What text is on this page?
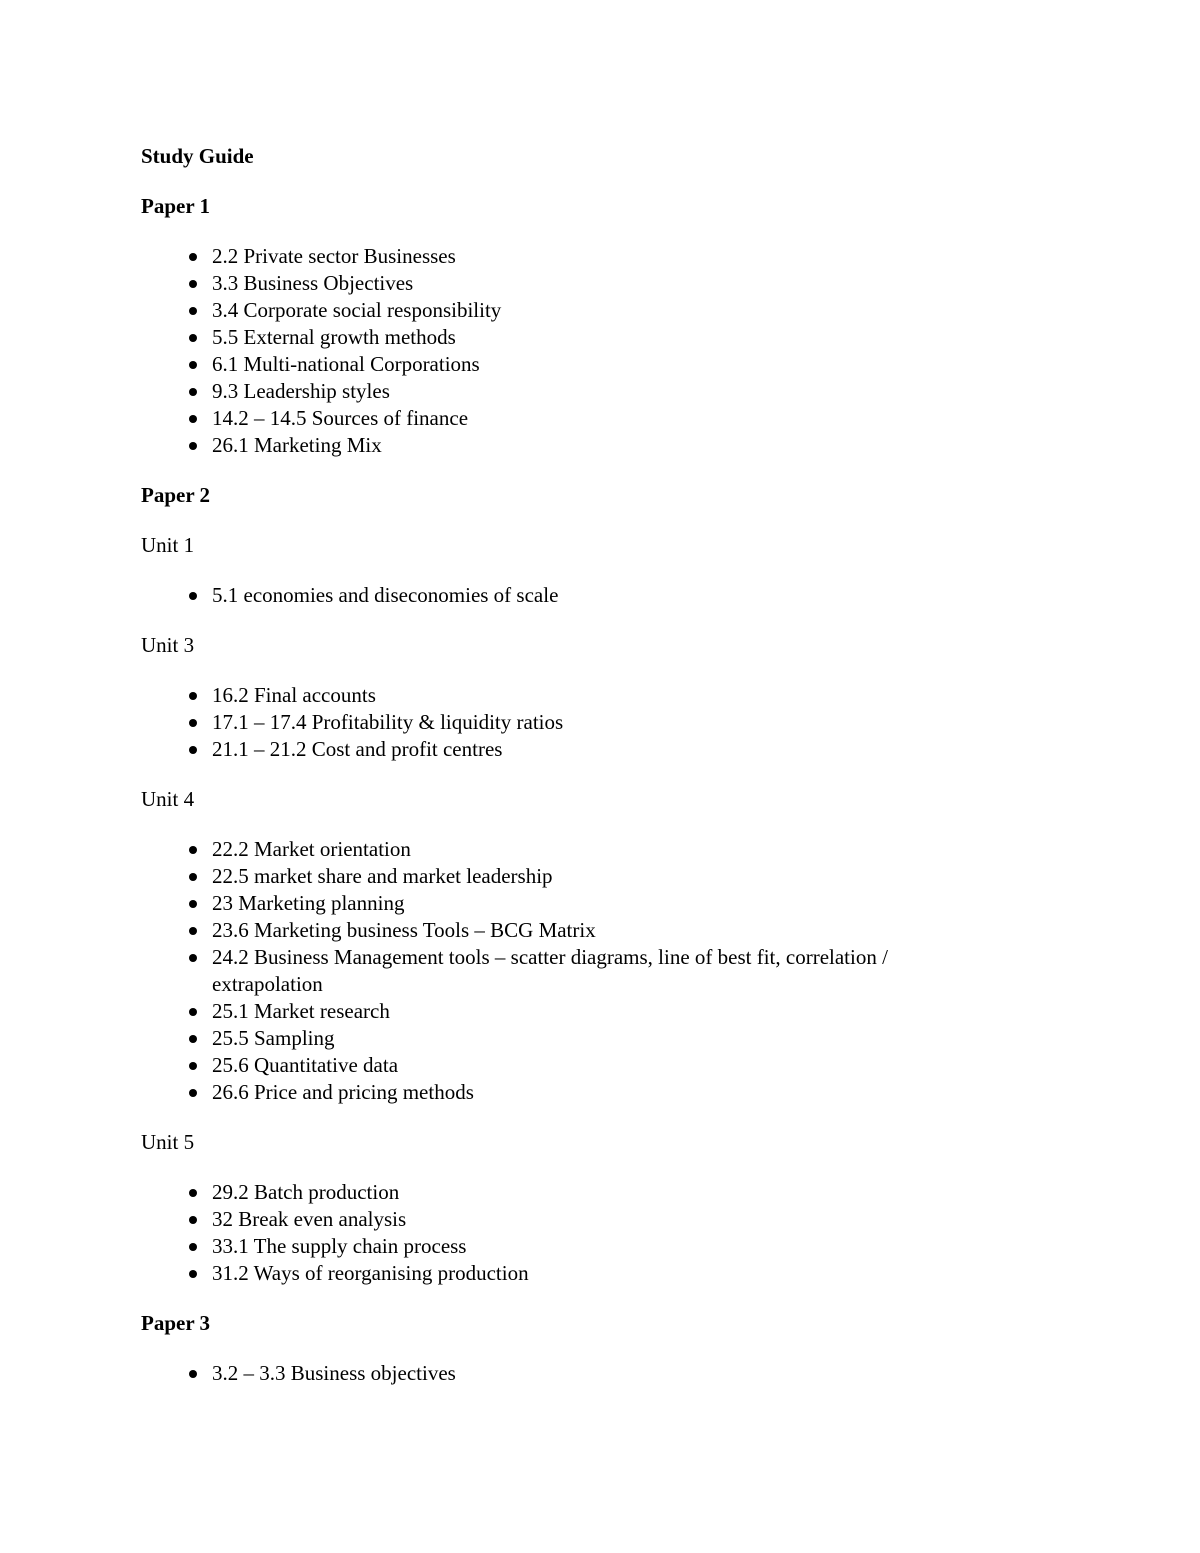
Study Guide

Paper 1

2.2 Private sector Businesses
3.3 Business Objectives
3.4 Corporate social responsibility
5.5 External growth methods
6.1 Multi-national Corporations
9.3 Leadership styles
14.2 – 14.5 Sources of finance
26.1 Marketing Mix

Paper 2

Unit 1

5.1 economies and diseconomies of scale

Unit 3

16.2 Final accounts
17.1 – 17.4 Profitability & liquidity ratios
21.1 – 21.2 Cost and profit centres

Unit 4

22.2 Market orientation
22.5 market share and market leadership
23 Marketing planning
23.6 Marketing business Tools – BCG Matrix
24.2 Business Management tools – scatter diagrams, line of best fit, correlation / extrapolation
25.1 Market research
25.5 Sampling
25.6 Quantitative data
26.6 Price and pricing methods

Unit 5

29.2 Batch production
32 Break even analysis
33.1 The supply chain process
31.2 Ways of reorganising production

Paper 3

3.2 – 3.3 Business objectives
